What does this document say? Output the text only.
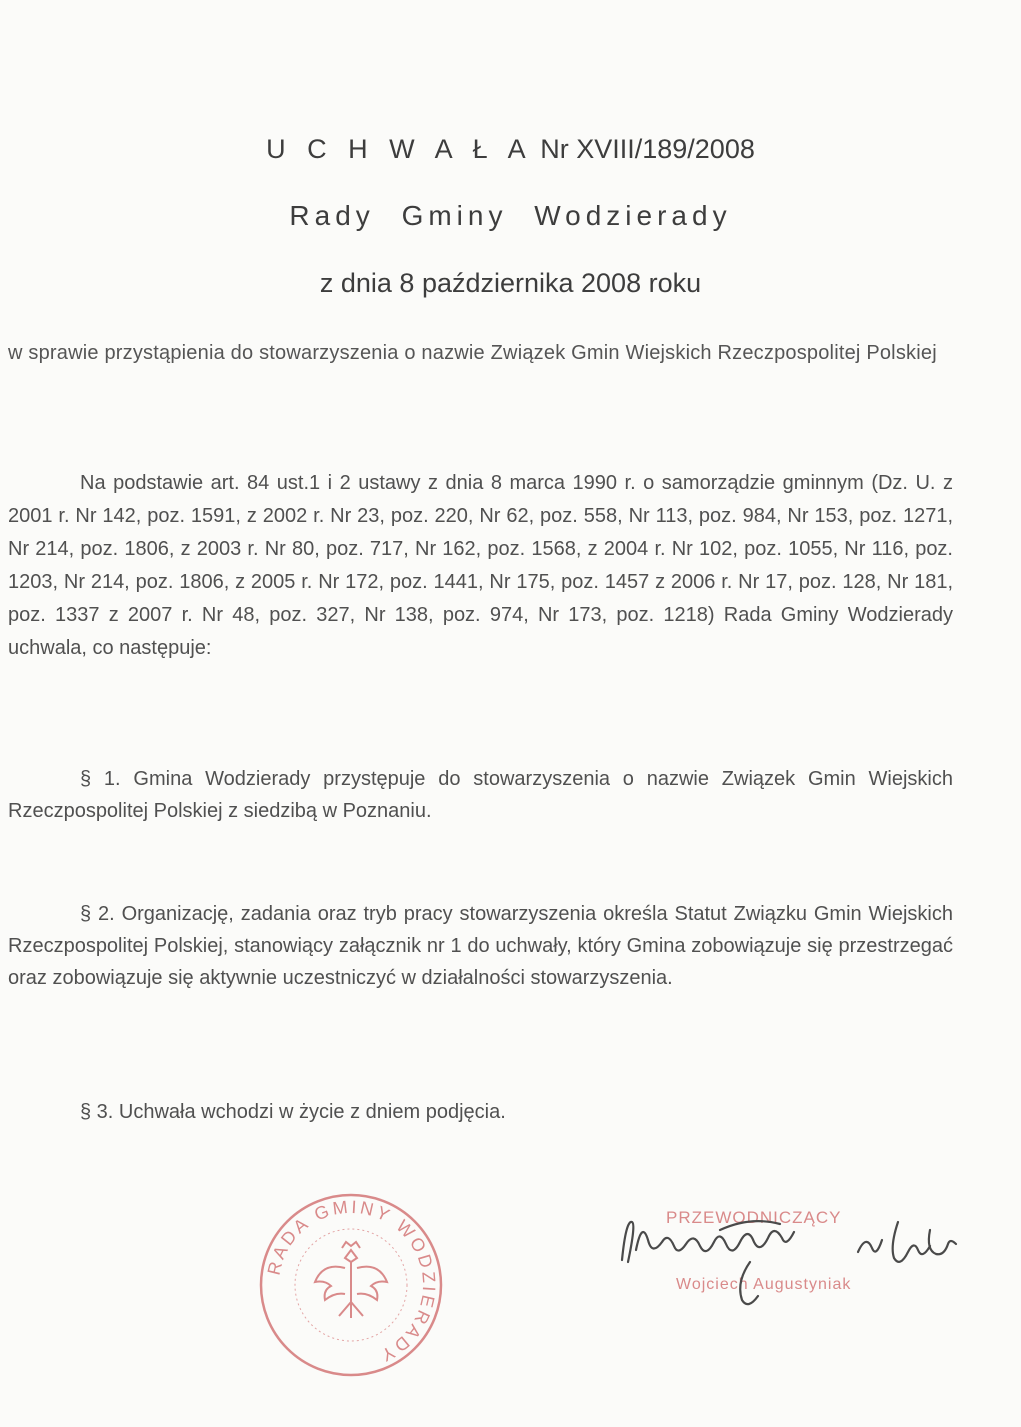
U C H W A Ł A Nr XVIII/189/2008
Rady Gminy Wodzierady
z dnia 8 października 2008 roku
w sprawie przystąpienia do stowarzyszenia o nazwie Związek Gmin Wiejskich Rzeczpospolitej Polskiej
Na podstawie art. 84 ust.1 i 2 ustawy z dnia 8 marca 1990 r. o samorządzie gminnym (Dz. U. z 2001 r. Nr 142, poz. 1591, z 2002 r. Nr 23, poz. 220, Nr 62, poz. 558, Nr 113, poz. 984, Nr 153, poz. 1271, Nr 214, poz. 1806, z 2003 r. Nr 80, poz. 717, Nr 162, poz. 1568, z 2004 r. Nr 102, poz. 1055, Nr 116, poz. 1203, Nr 214, poz. 1806, z 2005 r. Nr 172, poz. 1441, Nr 175, poz. 1457 z 2006 r. Nr 17, poz. 128, Nr 181, poz. 1337 z 2007 r. Nr 48, poz. 327, Nr 138, poz. 974, Nr 173, poz. 1218) Rada Gminy Wodzierady uchwala, co następuje:
§ 1. Gmina Wodzierady przystępuje do stowarzyszenia o nazwie Związek Gmin Wiejskich Rzeczpospolitej Polskiej z siedzibą w Poznaniu.
§ 2. Organizację, zadania oraz tryb pracy stowarzyszenia określa Statut Związku Gmin Wiejskich Rzeczpospolitej Polskiej, stanowiący załącznik nr 1 do uchwały, który Gmina zobowiązuje się przestrzegać oraz zobowiązuje się aktywnie uczestniczyć w działalności stowarzyszenia.
§ 3. Uchwała wchodzi w życie z dniem podjęcia.
RADA GMINY WODZIERADY
PRZEWODNICZĄCY
Wojciech Augustyniak
